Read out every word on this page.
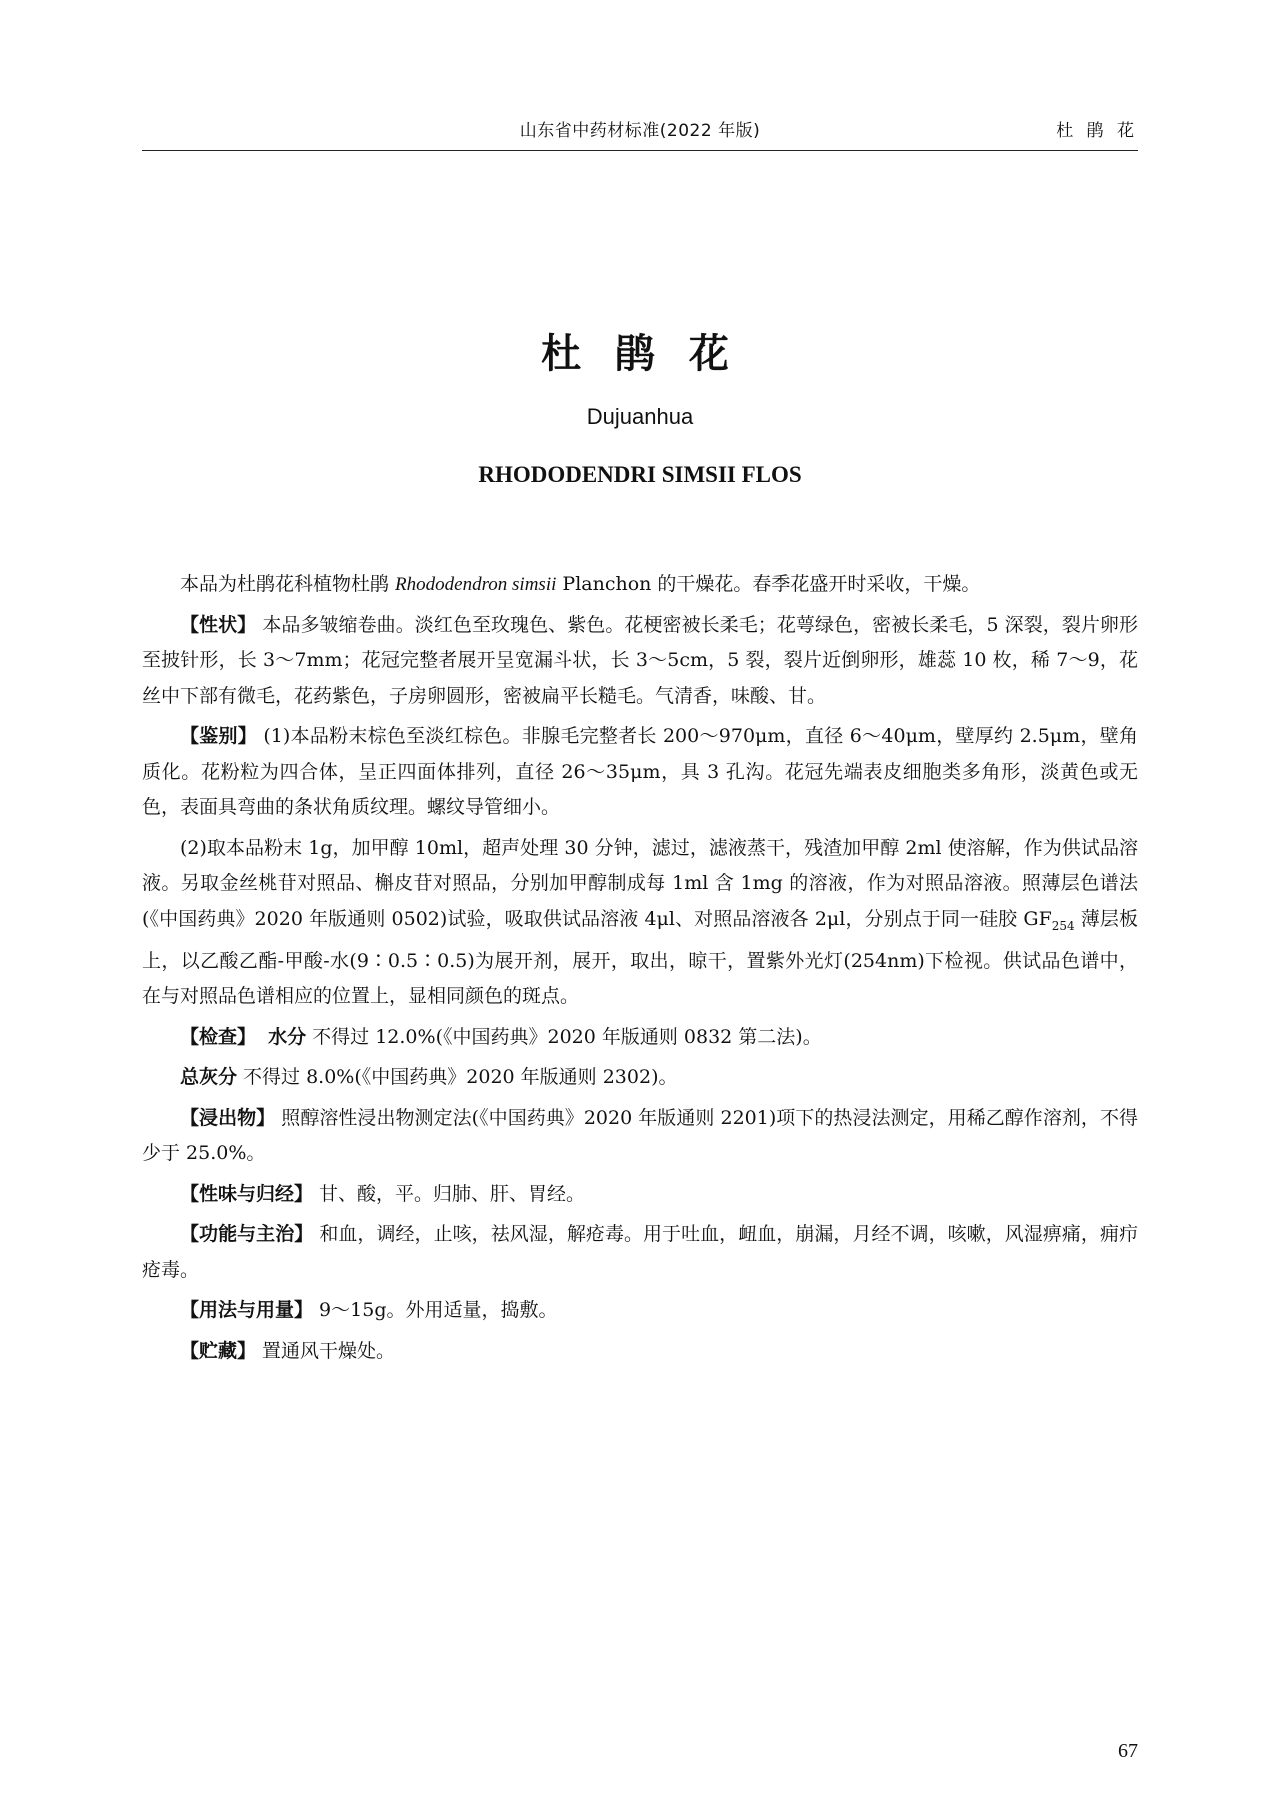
山东省中药材标准(2022 年版)	杜 鹃 花
杜 鹃 花
Dujuanhua
RHODODENDRI SIMSII FLOS

本品为杜鹃花科植物杜鹃 Rhododendron simsii Planchon 的干燥花。春季花盛开时采收，干燥。

【性状】 本品多皱缩卷曲。淡红色至玫瑰色、紫色。花梗密被长柔毛；花萼绿色，密被长柔毛，5 深裂，裂片卵形至披针形，长 3～7mm；花冠完整者展开呈宽漏斗状，长 3～5cm，5 裂，裂片近倒卵形，雄蕊 10 枚，稀 7～9，花丝中下部有微毛，花药紫色，子房卵圆形，密被扁平长糙毛。气清香，味酸、甘。

【鉴别】 (1)本品粉末棕色至淡红棕色。非腺毛完整者长 200～970μm，直径 6～40μm，壁厚约 2.5μm，壁角质化。花粉粒为四合体，呈正四面体排列，直径 26～35μm，具 3 孔沟。花冠先端表皮细胞类多角形，淡黄色或无色，表面具弯曲的条状角质纹理。螺纹导管细小。

(2)取本品粉末 1g，加甲醇 10ml，超声处理 30 分钟，滤过，滤液蒸干，残渣加甲醇 2ml 使溶解，作为供试品溶液。另取金丝桃苷对照品、槲皮苷对照品，分别加甲醇制成每 1ml 含 1mg 的溶液，作为对照品溶液。照薄层色谱法(《中国药典》2020 年版通则 0502)试验，吸取供试品溶液 4μl、对照品溶液各 2μl，分别点于同一硅胶 $GF_{254}$ 薄层板上，以乙酸乙酯-甲酸-水(9∶0.5∶0.5)为展开剂，展开，取出，晾干，置紫外光灯(254nm)下检视。供试品色谱中，在与对照品色谱相应的位置上，显相同颜色的斑点。

【检查】 水分 不得过 12.0%(《中国药典》2020 年版通则 0832 第二法)。

总灰分 不得过 8.0%(《中国药典》2020 年版通则 2302)。

【浸出物】 照醇溶性浸出物测定法(《中国药典》2020 年版通则 2201)项下的热浸法测定，用稀乙醇作溶剂，不得少于 25.0%。

【性味与归经】 甘、酸，平。归肺、肝、胃经。

【功能与主治】 和血，调经，止咳，祛风湿，解疮毒。用于吐血，衄血，崩漏，月经不调，咳嗽，风湿痹痛，痈疖疮毒。

【用法与用量】 9～15g。外用适量，捣敷。

【贮藏】 置通风干燥处。

67
